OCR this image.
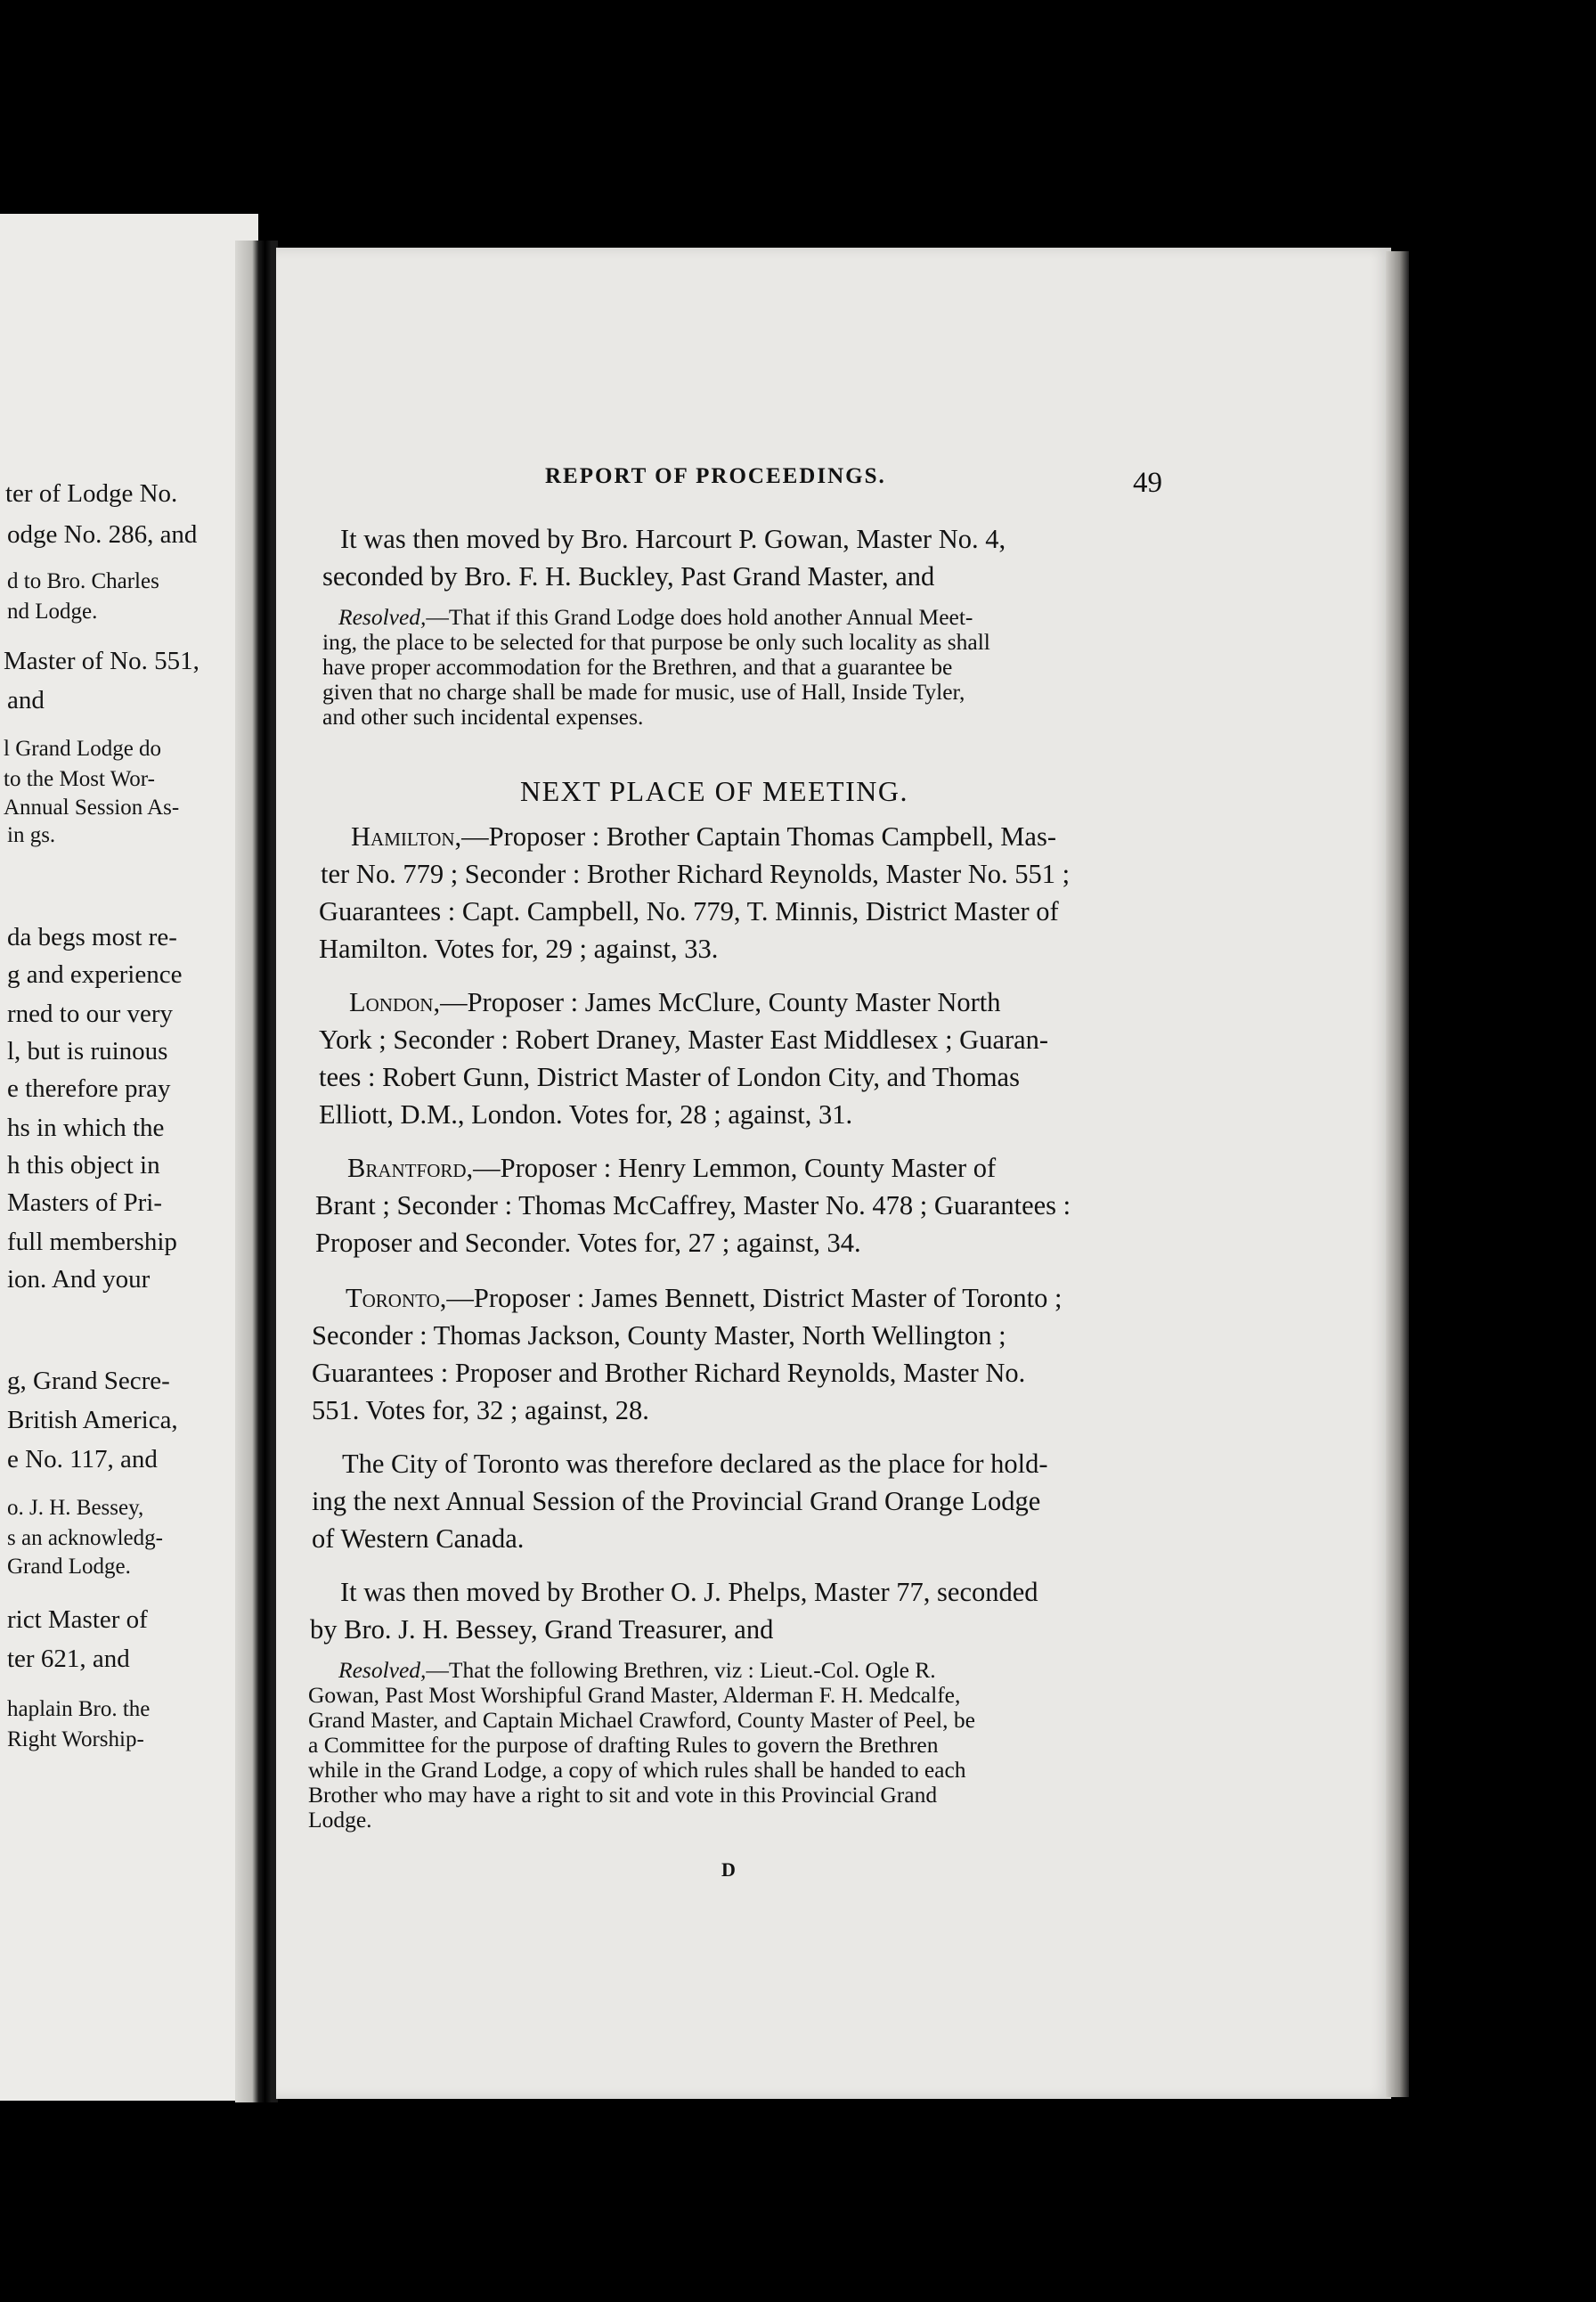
ter of Lodge No.
odge No. 286, and
d to Bro. Charles
nd Lodge.
Master of No. 551,
and
l Grand Lodge do
to the Most Wor-
Annual Session As-
in gs.
da begs most re-
g and experience
rned to our very
l, but is ruinous
e therefore pray
hs in which the
h this object in
Masters of Pri-
full membership
ion. And your
g, Grand Secre-
British America,
e No. 117, and
o. J. H. Bessey,
s an acknowledg-
Grand Lodge.
rict Master of
ter 621, and
haplain Bro. the
Right Worship-
REPORT OF PROCEEDINGS.	49
It was then moved by Bro. Harcourt P. Gowan, Master No. 4,
seconded by Bro. F. H. Buckley, Past Grand Master, and
Resolved,—That if this Grand Lodge does hold another Annual Meet-
ing, the place to be selected for that purpose be only such locality as shall
have proper accommodation for the Brethren, and that a guarantee be
given that no charge shall be made for music, use of Hall, Inside Tyler,
and other such incidental expenses.
NEXT PLACE OF MEETING.
Hamilton,—Proposer : Brother Captain Thomas Campbell, Mas-
ter No. 779 ; Seconder : Brother Richard Reynolds, Master No. 551 ;
Guarantees : Capt. Campbell, No. 779, T. Minnis, District Master of
Hamilton. Votes for, 29 ; against, 33.
London,—Proposer : James McClure, County Master North
York ; Seconder : Robert Draney, Master East Middlesex ; Guaran-
tees : Robert Gunn, District Master of London City, and Thomas
Elliott, D.M., London. Votes for, 28 ; against, 31.
Brantford,—Proposer : Henry Lemmon, County Master of
Brant ; Seconder : Thomas McCaffrey, Master No. 478 ; Guarantees :
Proposer and Seconder. Votes for, 27 ; against, 34.
Toronto,—Proposer : James Bennett, District Master of Toronto ;
Seconder : Thomas Jackson, County Master, North Wellington ;
Guarantees : Proposer and Brother Richard Reynolds, Master No.
551. Votes for, 32 ; against, 28.
The City of Toronto was therefore declared as the place for hold-
ing the next Annual Session of the Provincial Grand Orange Lodge
of Western Canada.
It was then moved by Brother O. J. Phelps, Master 77, seconded
by Bro. J. H. Bessey, Grand Treasurer, and
Resolved,—That the following Brethren, viz : Lieut.-Col. Ogle R.
Gowan, Past Most Worshipful Grand Master, Alderman F. H. Medcalfe,
Grand Master, and Captain Michael Crawford, County Master of Peel, be
a Committee for the purpose of drafting Rules to govern the Brethren
while in the Grand Lodge, a copy of which rules shall be handed to each
Brother who may have a right to sit and vote in this Provincial Grand
Lodge.
D
